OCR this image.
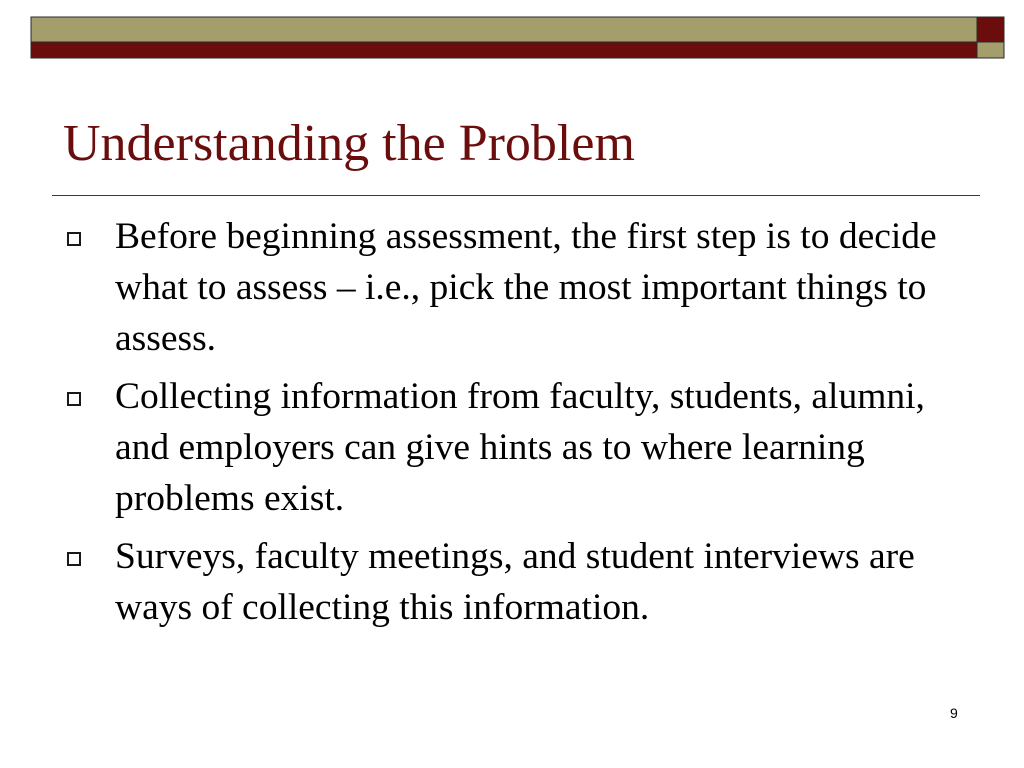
Understanding the Problem
Before beginning assessment, the first step is to decide what to assess – i.e., pick the most important things to assess.
Collecting information from faculty, students, alumni, and employers can give hints as to where learning problems exist.
Surveys, faculty meetings, and student interviews are ways of collecting this information.
9
